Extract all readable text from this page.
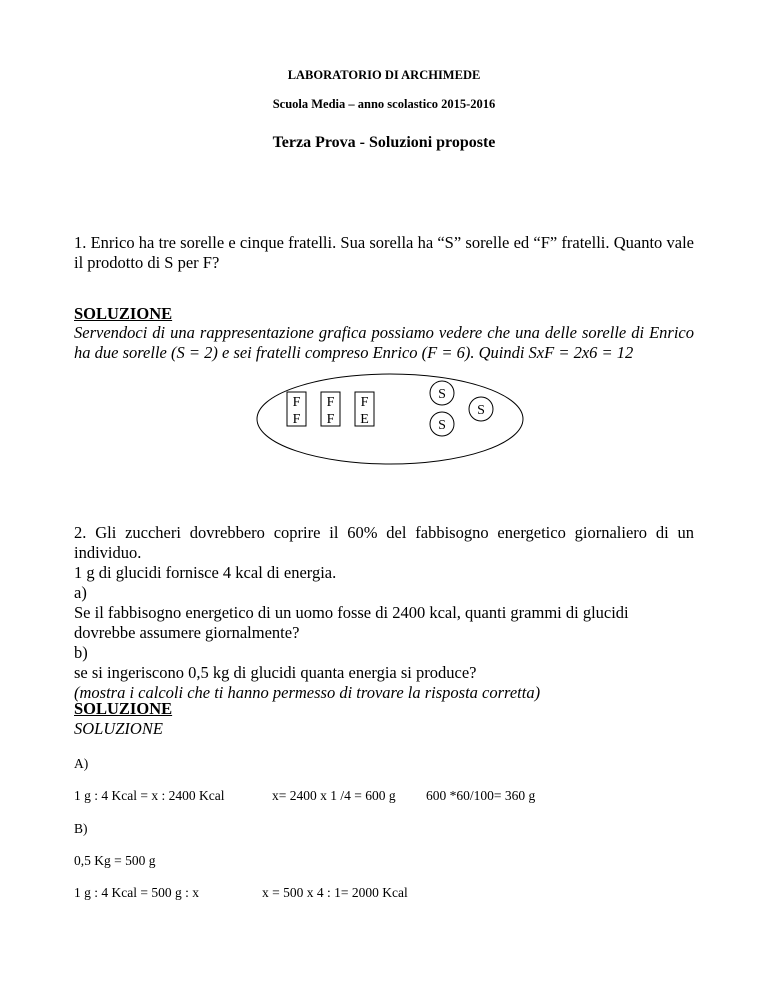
LABORATORIO DI ARCHIMEDE
Scuola Media – anno scolastico 2015-2016
Terza Prova - Soluzioni proposte
1. Enrico ha tre sorelle e cinque fratelli. Sua sorella ha “S” sorelle ed “F” fratelli. Quanto vale il prodotto di S per F?
SOLUZIONE
Servendoci di una rappresentazione grafica possiamo vedere che una delle sorelle di Enrico ha due sorelle (S = 2) e sei fratelli compreso Enrico (F = 6). Quindi SxF = 2x6 = 12
F
F
F
F
F
E
S
S
S
2. Gli zuccheri dovrebbero coprire il 60% del fabbisogno energetico giornaliero di un individuo.
1 g di glucidi fornisce 4 kcal di energia.
a)
Se il fabbisogno energetico di un uomo fosse di 2400 kcal, quanti grammi di glucidi dovrebbe assumere giornalmente?
b)
se si ingeriscono 0,5 kg di glucidi quanta energia si produce?
(mostra i calcoli che ti hanno permesso di trovare la risposta corretta)
SOLUZIONE
SOLUZIONE
A)
1 g : 4 Kcal = x : 2400 Kcal	x= 2400 x 1 /4 = 600 g 600 *60/100= 360 g
B)
0,5 Kg = 500 g
1 g : 4 Kcal = 500 g : x	x = 500 x 4 : 1= 2000 Kcal
